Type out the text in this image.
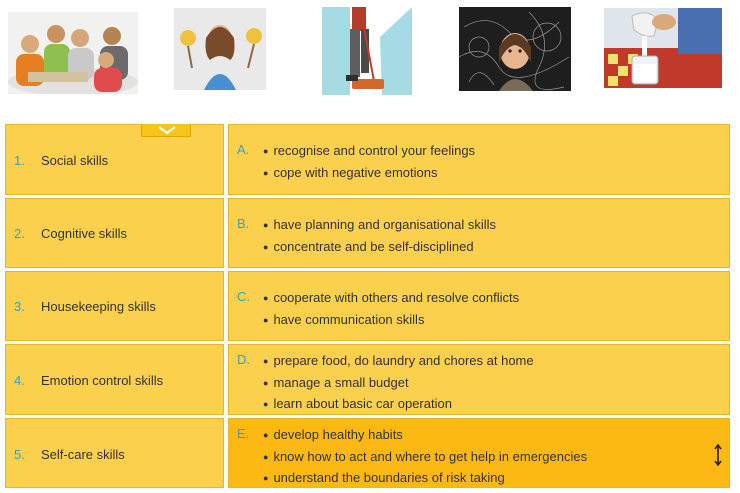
1. Social skills
2. Cognitive skills
3. Housekeeping skills
4. Emotion control skills
5. Self-care skills
A.	● recognise and control your feelings
● cope with negative emotions
B.	● have planning and organisational skills
● concentrate and be self-disciplined
C.	● cooperate with others and resolve conflicts
● have communication skills
D.	● prepare food, do laundry and chores at home
● manage a small budget
● learn about basic car operation
E.	● develop healthy habits
● know how to act and where to get help in emergencies
● understand the boundaries of risk taking
